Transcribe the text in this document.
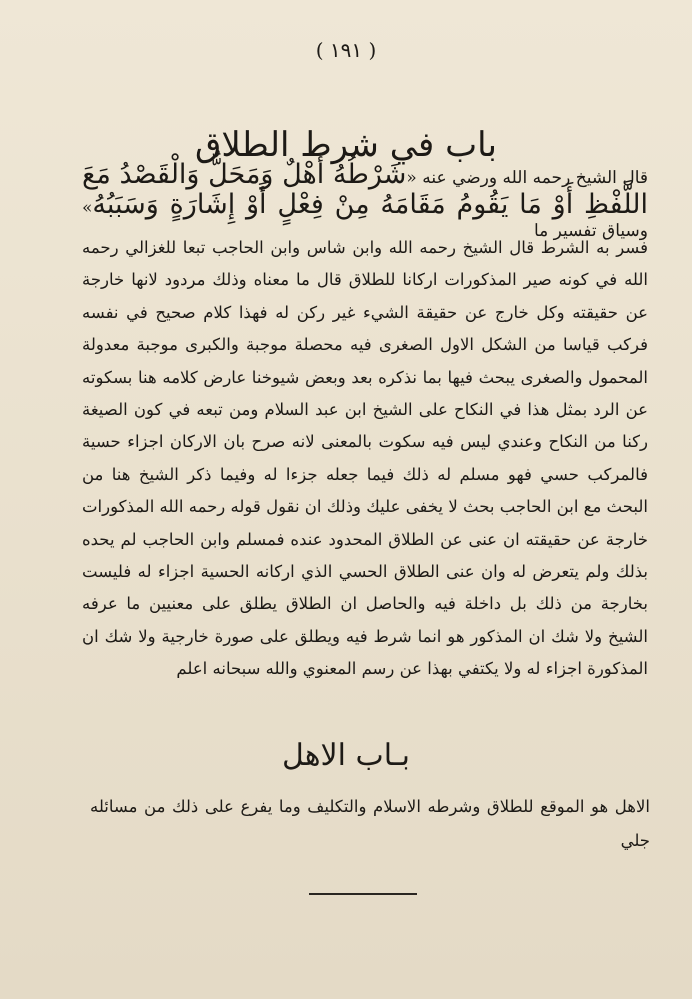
( ١٩١ )
باب في شرط الطلاق

قال الشيخ رحمه الله ورضي عنه «شَرْطُهُ أَهْلٌ وَمَحَلٌّ وَالْقَصْدُ مَعَ اللَّفْظِ أَوْ مَا يَقُومُ مَقَامَهُ مِنْ فِعْلٍ أَوْ إِشَارَةٍ وَسَبَبُهُ» وسياق تفسير ما

فسر به الشرط قال الشيخ رحمه الله وابن شاس وابن الحاجب تبعا للغزالي رحمه الله في كونه صير المذكورات اركانا للطلاق قال ما معناه وذلك مردود لانها خارجة عن حقيقته وكل خارج عن حقيقة الشيء غير ركن له فهذا كلام صحيح في نفسه فركب قياسا من الشكل الاول الصغرى فيه محصلة موجبة والكبرى موجبة معدولة المحمول والصغرى يبحث فيها بما نذكره بعد وبعض شيوخنا عارض كلامه هنا بسكوته عن الرد بمثل هذا في النكاح على الشيخ ابن عبد السلام ومن تبعه في كون الصيغة ركنا من النكاح وعندي ليس فيه سكوت بالمعنى لانه صرح بان الاركان اجزاء حسية فالمركب حسي فهو مسلم له ذلك فيما جعله جزءا له وفيما ذكر الشيخ هنا من البحث مع ابن الحاجب بحث لا يخفى عليك وذلك ان نقول قوله رحمه الله المذكورات خارجة عن حقيقته ان عنى عن الطلاق المحدود عنده فمسلم وابن الحاجب لم يحده بذلك ولم يتعرض له وان عنى الطلاق الحسي الذي اركانه الحسية اجزاء له فليست بخارجة من ذلك بل داخلة فيه والحاصل ان الطلاق يطلق على معنيين ما عرفه الشيخ ولا شك ان المذكور هو انما شرط فيه ويطلق على صورة خارجية ولا شك ان المذكورة اجزاء له ولا يكتفي بهذا عن رسم المعنوي والله سبحانه اعلم

بـاب الاهل

الاهل هو الموقع للطلاق وشرطه الاسلام والتكليف وما يفرع على ذلك من مسائله جلي
